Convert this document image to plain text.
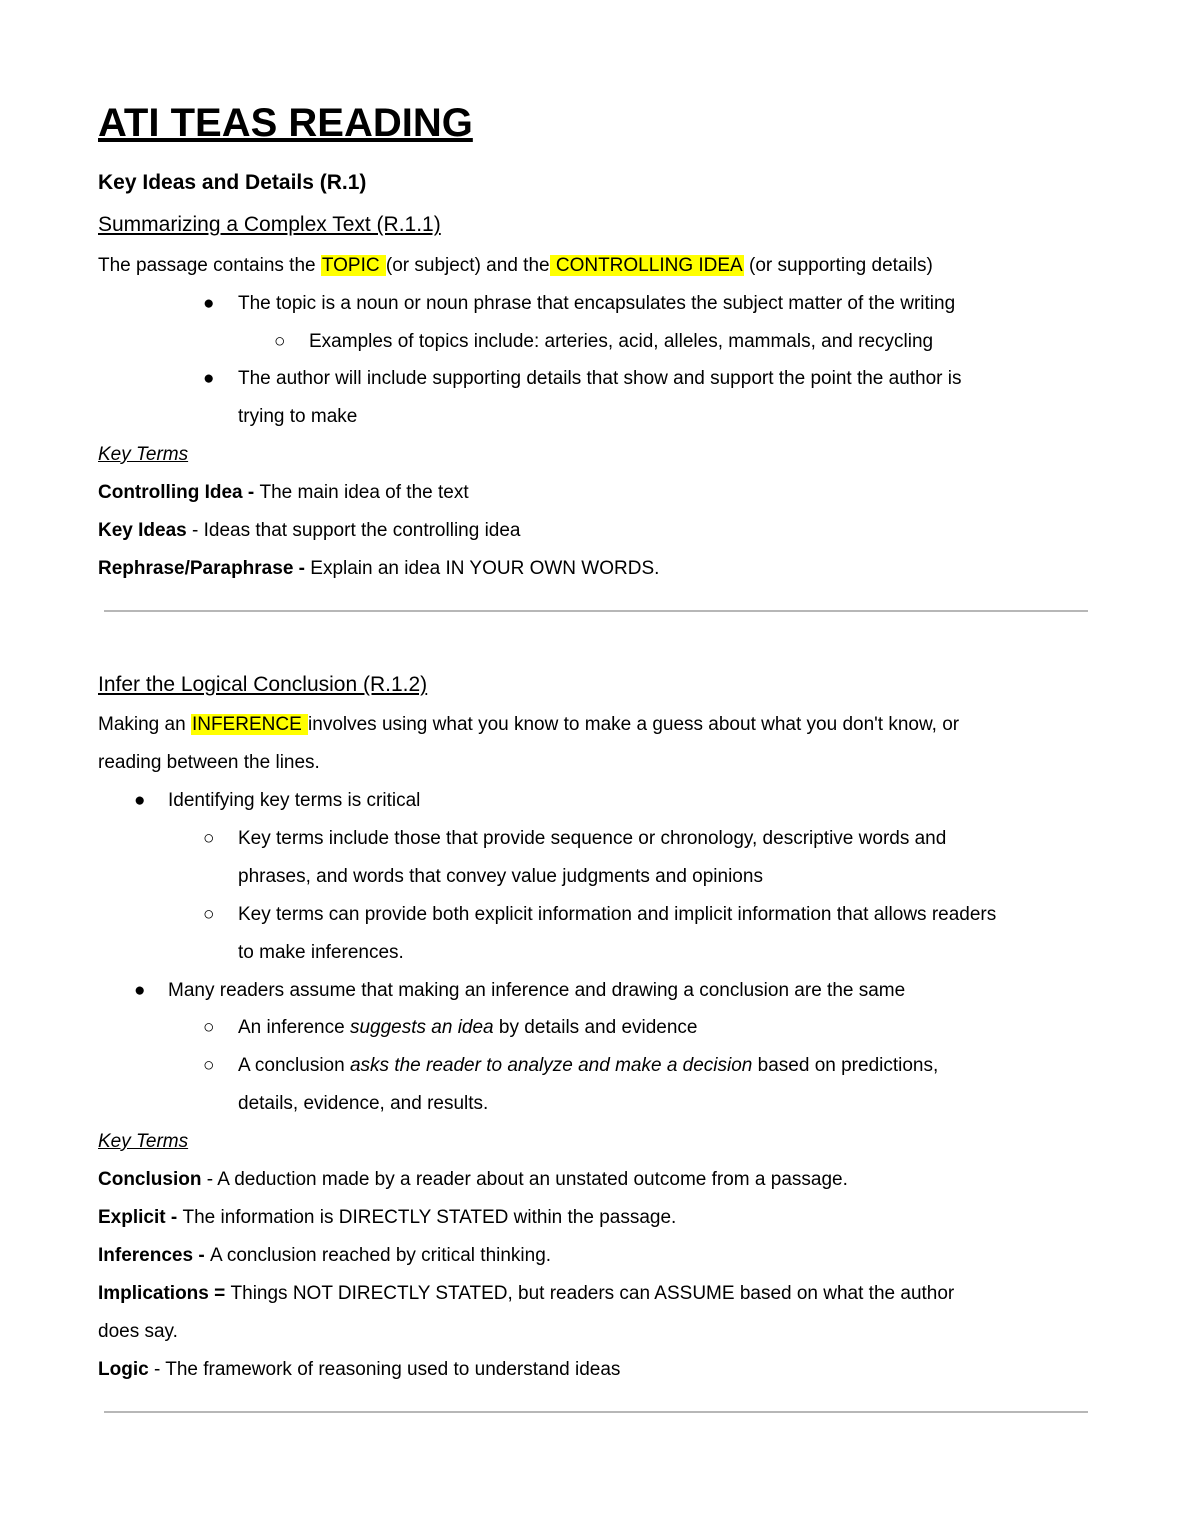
ATI TEAS READING
Key Ideas and Details (R.1)
Summarizing a Complex Text (R.1.1)
The passage contains the TOPIC (or subject) and the CONTROLLING IDEA (or supporting details)
● The topic is a noun or noun phrase that encapsulates the subject matter of the writing
○ Examples of topics include: arteries, acid, alleles, mammals, and recycling
● The author will include supporting details that show and support the point the author is
trying to make
Key Terms
Controlling Idea - The main idea of the text
Key Ideas - Ideas that support the controlling idea
Rephrase/Paraphrase - Explain an idea IN YOUR OWN WORDS.
Infer the Logical Conclusion (R.1.2)
Making an INFERENCE involves using what you know to make a guess about what you don't know, or
reading between the lines.
● Identifying key terms is critical
○ Key terms include those that provide sequence or chronology, descriptive words and
phrases, and words that convey value judgments and opinions
○ Key terms can provide both explicit information and implicit information that allows readers
to make inferences.
● Many readers assume that making an inference and drawing a conclusion are the same
○ An inference suggests an idea by details and evidence
○ A conclusion asks the reader to analyze and make a decision based on predictions,
details, evidence, and results.
Key Terms
Conclusion - A deduction made by a reader about an unstated outcome from a passage.
Explicit - The information is DIRECTLY STATED within the passage.
Inferences - A conclusion reached by critical thinking.
Implications = Things NOT DIRECTLY STATED, but readers can ASSUME based on what the author
does say.
Logic - The framework of reasoning used to understand ideas
